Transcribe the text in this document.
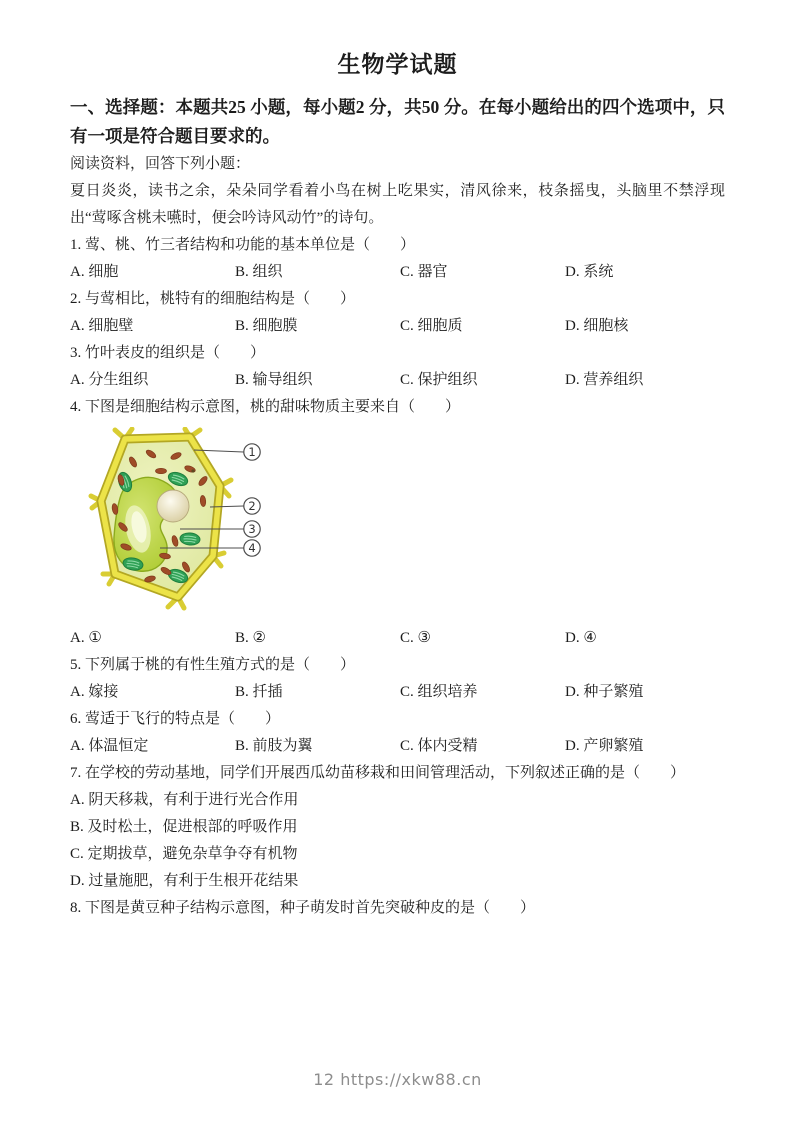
生物学试题
一、选择题：本题共25 小题，每小题2 分，共50 分。在每小题给出的四个选项中，只有一项是符合题目要求的。
阅读资料，回答下列小题：
夏日炎炎，读书之余，朵朵同学看着小鸟在树上吃果实，清风徐来，枝条摇曳，头脑里不禁浮现出“莺啄含桃未嚥时，便会吟诗风动竹”的诗句。
1. 莺、桃、竹三者结构和功能的基本单位是（　　）
A. 细胞	B. 组织	C. 器官	D. 系统
2. 与莺相比，桃特有的细胞结构是（　　）
A. 细胞壁	B. 细胞膜	C. 细胞质	D. 细胞核
3. 竹叶表皮的组织是（　　）
A. 分生组织	B. 输导组织	C. 保护组织	D. 营养组织
4. 下图是细胞结构示意图，桃的甜味物质主要来自（　　）
1
2
3
4
A. ①	B. ②	C. ③	D. ④
5. 下列属于桃的有性生殖方式的是（　　）
A. 嫁接	B. 扦插	C. 组织培养	D. 种子繁殖
6. 莺适于飞行的特点是（　　）
A. 体温恒定	B. 前肢为翼	C. 体内受精	D. 产卵繁殖
7. 在学校的劳动基地，同学们开展西瓜幼苗移栽和田间管理活动，下列叙述正确的是（　　）
A. 阴天移栽，有利于进行光合作用
B. 及时松土，促进根部的呼吸作用
C. 定期拔草，避免杂草争夺有机物
D. 过量施肥，有利于生根开花结果
8. 下图是黄豆种子结构示意图，种子萌发时首先突破种皮的是（　　）
12 https://xkw88.cn
